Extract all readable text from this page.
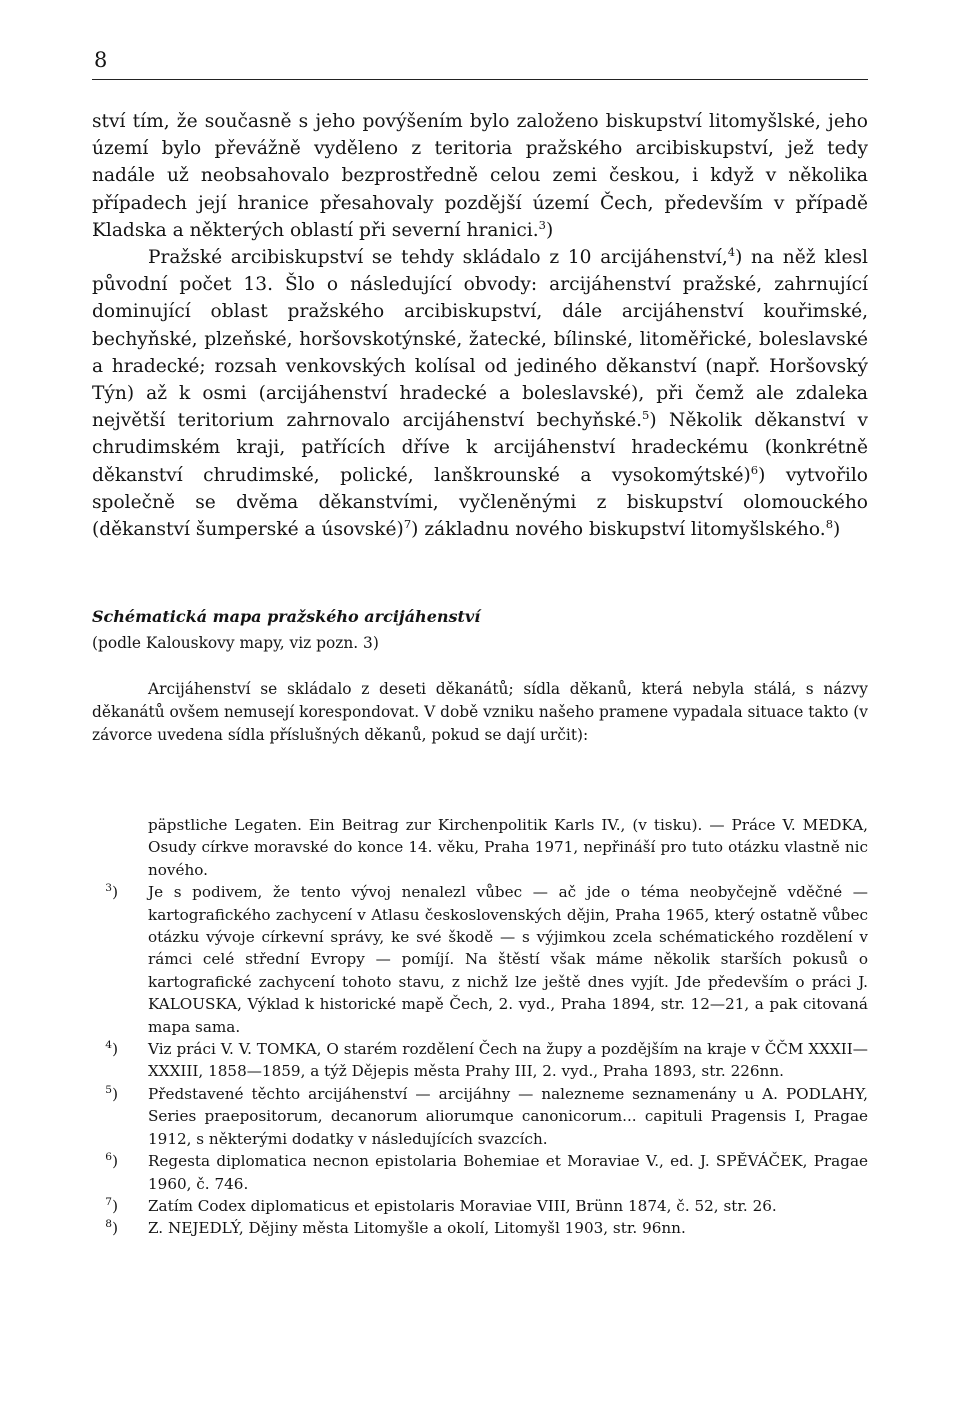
8

ství tím, že současně s jeho povýšením bylo založeno biskupství litomyšlské, jeho území bylo převážně vyděleno z teritoria pražského arcibiskupství, jež tedy nadále už neobsahovalo bezprostředně celou zemi českou, i když v několika případech její hranice přesahovaly pozdější území Čech, především v případě Kladska a některých oblastí při severní hranici.$^3$)

Pražské arcibiskupství se tehdy skládalo z 10 arcijáhenství,$^4$) na něž klesl původní počet 13. Šlo o následující obvody: arcijáhenství pražské, zahrnující dominující oblast pražského arcibiskupství, dále arcijáhenství kouřimské, bechyňské, plzeňské, horšovskotýnské, žatecké, bílinské, litoměřické, boleslavské a hradecké; rozsah venkovských kolísal od jediného děkanství (např. Horšovský Týn) až k osmi (arcijáhenství hradecké a boleslavské), při čemž ale zdaleka největší teritorium zahrnovalo arcijáhenství bechyňské.$^5$) Několik děkanství v chrudimském kraji, patřících dříve k arcijáhenství hradeckému (konkrétně děkanství chrudimské, polické, lanškrounské a vysokomýtské)$^6$) vytvořilo společně se dvěma děkanstvími, vyčleněnými z biskupství olomouckého (děkanství šumperské a úsovské)$^7$) základnu nového biskupství litomyšlského.$^8$)

Schématická mapa pražského arcijáhenství
(podle Kalouskovy mapy, viz pozn. 3)

Arcijáhenství se skládalo z deseti děkanátů; sídla děkanů, která nebyla stálá, s názvy děkanátů ovšem nemusejí korespondovat. V době vzniku našeho pramene vypadala situace takto (v závorce uvedena sídla příslušných děkanů, pokud se dají určit):

päpstliche Legaten. Ein Beitrag zur Kirchenpolitik Karls IV., (v tisku). — Práce V. MEDKA, Osudy církve moravské do konce 14. věku, Praha 1971, nepřináší pro tuto otázku vlastně nic nového.

$^3$) Je s podivem, že tento vývoj nenalezl vůbec — ač jde o téma neobyčejně vděčné — kartografického zachycení v Atlasu československých dějin, Praha 1965, který ostatně vůbec otázku vývoje církevní správy, ke své škodě — s výjimkou zcela schématického rozdělení v rámci celé střední Evropy — pomíjí. Na štěstí však máme několik starších pokusů o kartografické zachycení tohoto stavu, z nichž lze ještě dnes vyjít. Jde především o práci J. KALOUSKA, Výklad k historické mapě Čech, 2. vyd., Praha 1894, str. 12—21, a pak citovaná mapa sama.

$^4$) Viz práci V. V. TOMKA, O starém rozdělení Čech na župy a pozdějším na kraje v ČČM XXXII—XXXIII, 1858—1859, a týž Dějepis města Prahy III, 2. vyd., Praha 1893, str. 226nn.

$^5$) Představené těchto arcijáhenství — arcijáhny — nalezneme seznamenány u A. PODLAHY, Series praepositorum, decanorum aliorumque canonicorum... capituli Pragensis I, Pragae 1912, s některými dodatky v následujících svazcích.

$^6$) Regesta diplomatica necnon epistolaria Bohemiae et Moraviae V., ed. J. SPĚVÁČEK, Pragae 1960, č. 746.

$^7$) Zatím Codex diplomaticus et epistolaris Moraviae VIII, Brünn 1874, č. 52, str. 26.

$^8$) Z. NEJEDLÝ, Dějiny města Litomyšle a okolí, Litomyšl 1903, str. 96nn.
